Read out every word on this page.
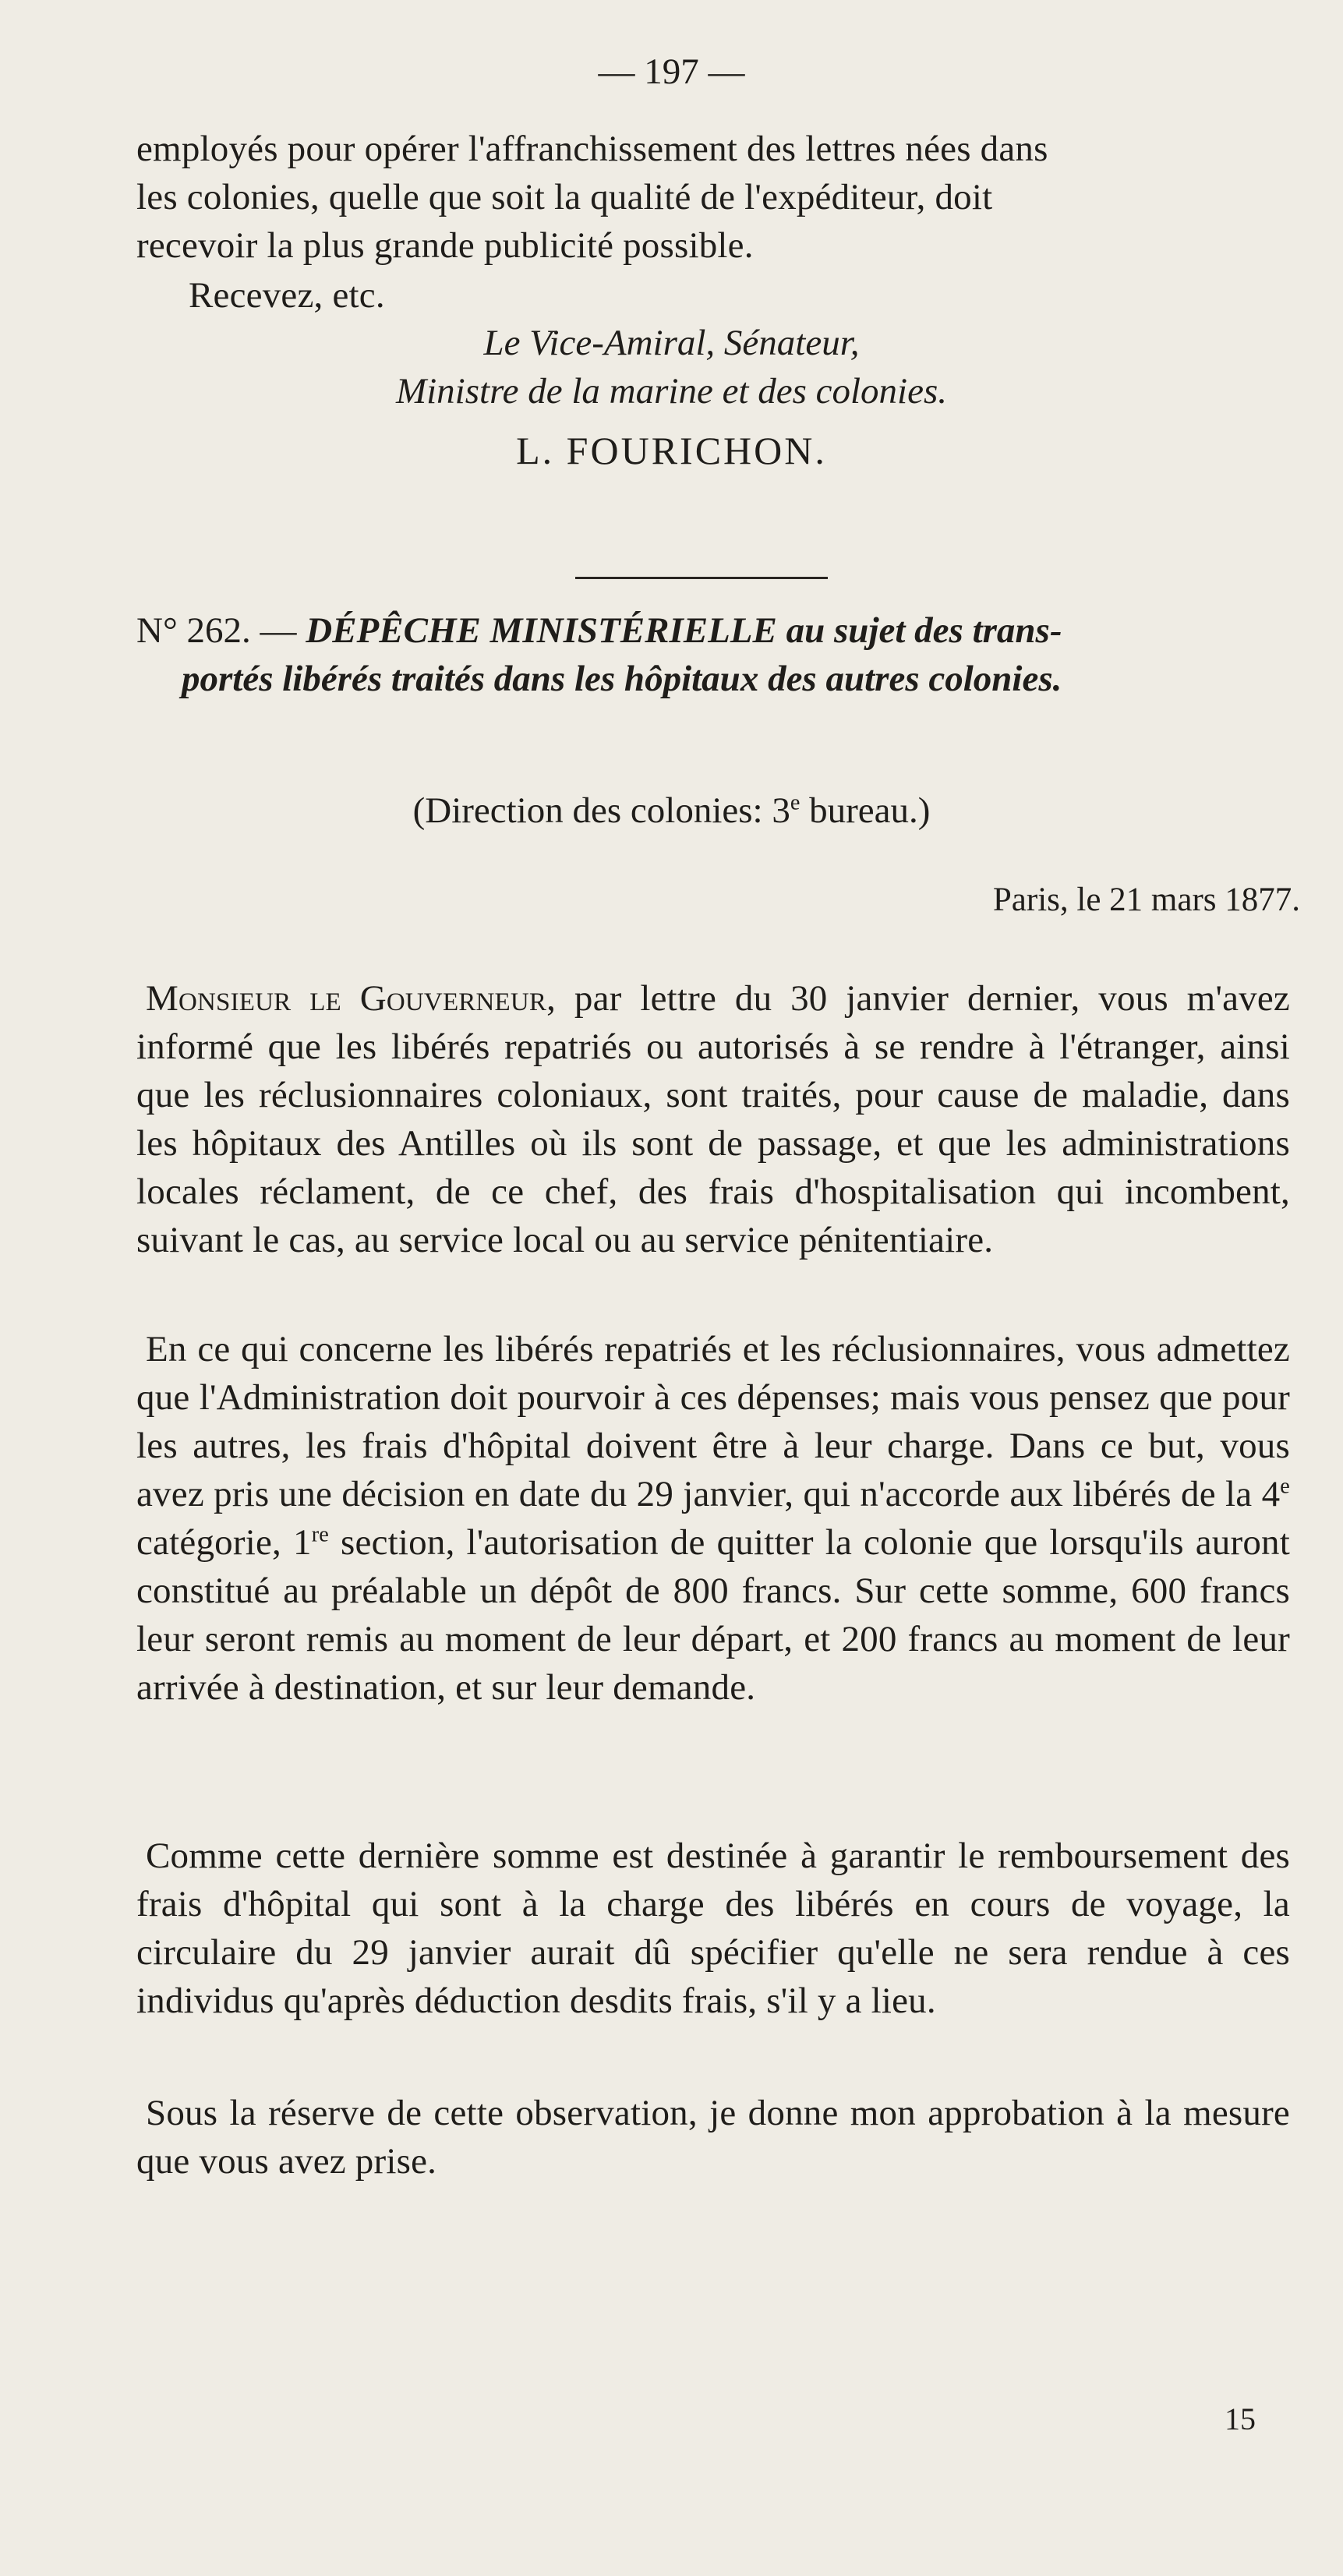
— 197 —
employés pour opérer l'affranchissement des lettres nées dans
les colonies, quelle que soit la qualité de l'expéditeur, doit
recevoir la plus grande publicité possible.
Recevez, etc.
Le Vice-Amiral, Sénateur,
Ministre de la marine et des colonies.
L. FOURICHON.
N° 262. — DÉPÊCHE MINISTÉRIELLE au sujet des trans-
portés libérés traités dans les hôpitaux des autres colonies.
(Direction des colonies: 3e bureau.)
Paris, le 21 mars 1877.

Monsieur le Gouverneur, par lettre du 30 janvier dernier, vous m'avez informé que les libérés repatriés ou autorisés à se rendre à l'étranger, ainsi que les réclusionnaires coloniaux, sont traités, pour cause de maladie, dans les hôpitaux des Antilles où ils sont de passage, et que les administrations locales réclament, de ce chef, des frais d'hospitalisation qui incombent, suivant le cas, au service local ou au service pénitentiaire.

En ce qui concerne les libérés repatriés et les réclusionnaires, vous admettez que l'Administration doit pourvoir à ces dépenses; mais vous pensez que pour les autres, les frais d'hôpital doivent être à leur charge. Dans ce but, vous avez pris une décision en date du 29 janvier, qui n'accorde aux libérés de la 4e catégorie, 1re section, l'autorisation de quitter la colonie que lorsqu'ils auront constitué au préalable un dépôt de 800 francs. Sur cette somme, 600 francs leur seront remis au moment de leur départ, et 200 francs au moment de leur arrivée à destination, et sur leur demande.

Comme cette dernière somme est destinée à garantir le remboursement des frais d'hôpital qui sont à la charge des libérés en cours de voyage, la circulaire du 29 janvier aurait dû spécifier qu'elle ne sera rendue à ces individus qu'après déduction desdits frais, s'il y a lieu.

Sous la réserve de cette observation, je donne mon approbation à la mesure que vous avez prise.

15
